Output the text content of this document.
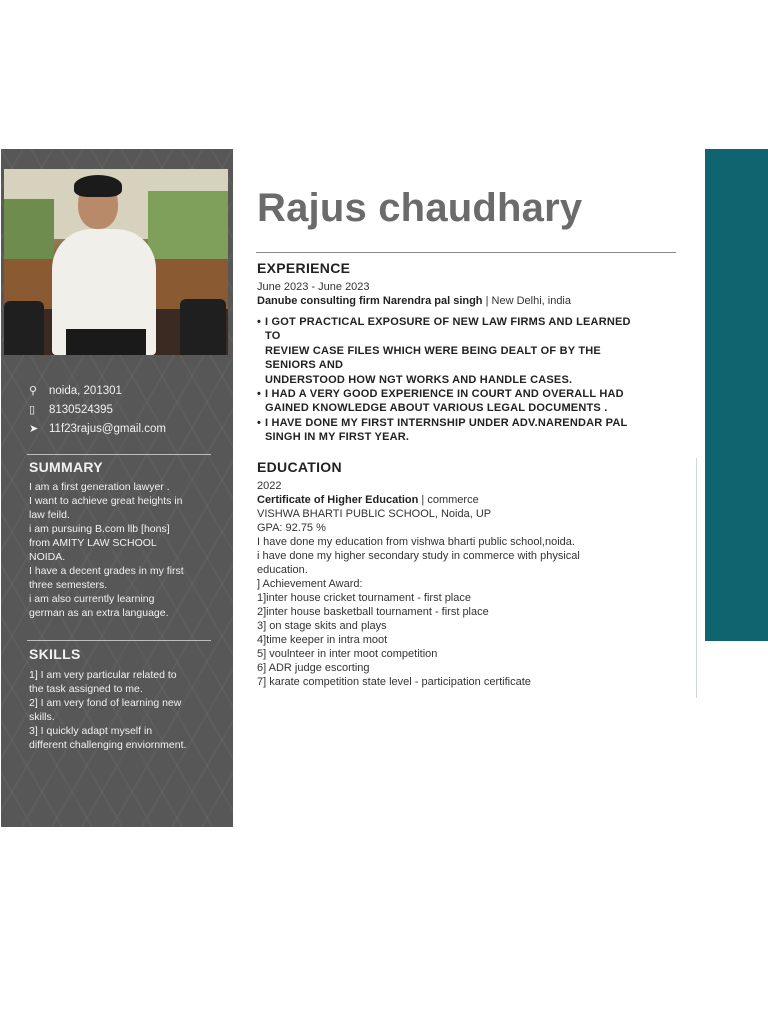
⚲	noida, 201301
▯	8130524395
➤ 11f23rajus@gmail.com
SUMMARY
I am a first generation lawyer .
I want to achieve great heights in
law feild.
i am pursuing B.com llb [hons]
from AMITY LAW SCHOOL
NOIDA.
I have a decent grades in my first
three semesters.
i am also currently learning
german as an extra language.
SKILLS
1] I am very particular related to
the task assigned to me.
2] I am very fond of learning new
skills.
3] I quickly adapt myself in
different challenging enviornment.
Rajus chaudhary
EXPERIENCE
June 2023 - June 2023
Danube consulting firm Narendra pal singh | New Delhi, india
• I GOT PRACTICAL EXPOSURE OF NEW LAW FIRMS AND LEARNED
TO
REVIEW CASE FILES WHICH WERE BEING DEALT OF BY THE
SENIORS AND
UNDERSTOOD HOW NGT WORKS AND HANDLE CASES.
• I HAD A VERY GOOD EXPERIENCE IN COURT AND OVERALL HAD
GAINED KNOWLEDGE ABOUT VARIOUS LEGAL DOCUMENTS .
• I HAVE DONE MY FIRST INTERNSHIP UNDER ADV.NARENDAR PAL
SINGH IN MY FIRST YEAR.
EDUCATION
2022
Certificate of Higher Education | commerce
VISHWA BHARTI PUBLIC SCHOOL, Noida, UP
GPA: 92.75 %
I have done my education from vishwa bharti public school,noida.
i have done my higher secondary study in commerce with physical
education.
] Achievement Award:
1]inter house cricket tournament - first place
2]inter house basketball tournament - first place
3] on stage skits and plays
4]time keeper in intra moot
5] voulnteer in inter moot competition
6] ADR judge escorting
7] karate competition state level - participation certificate
